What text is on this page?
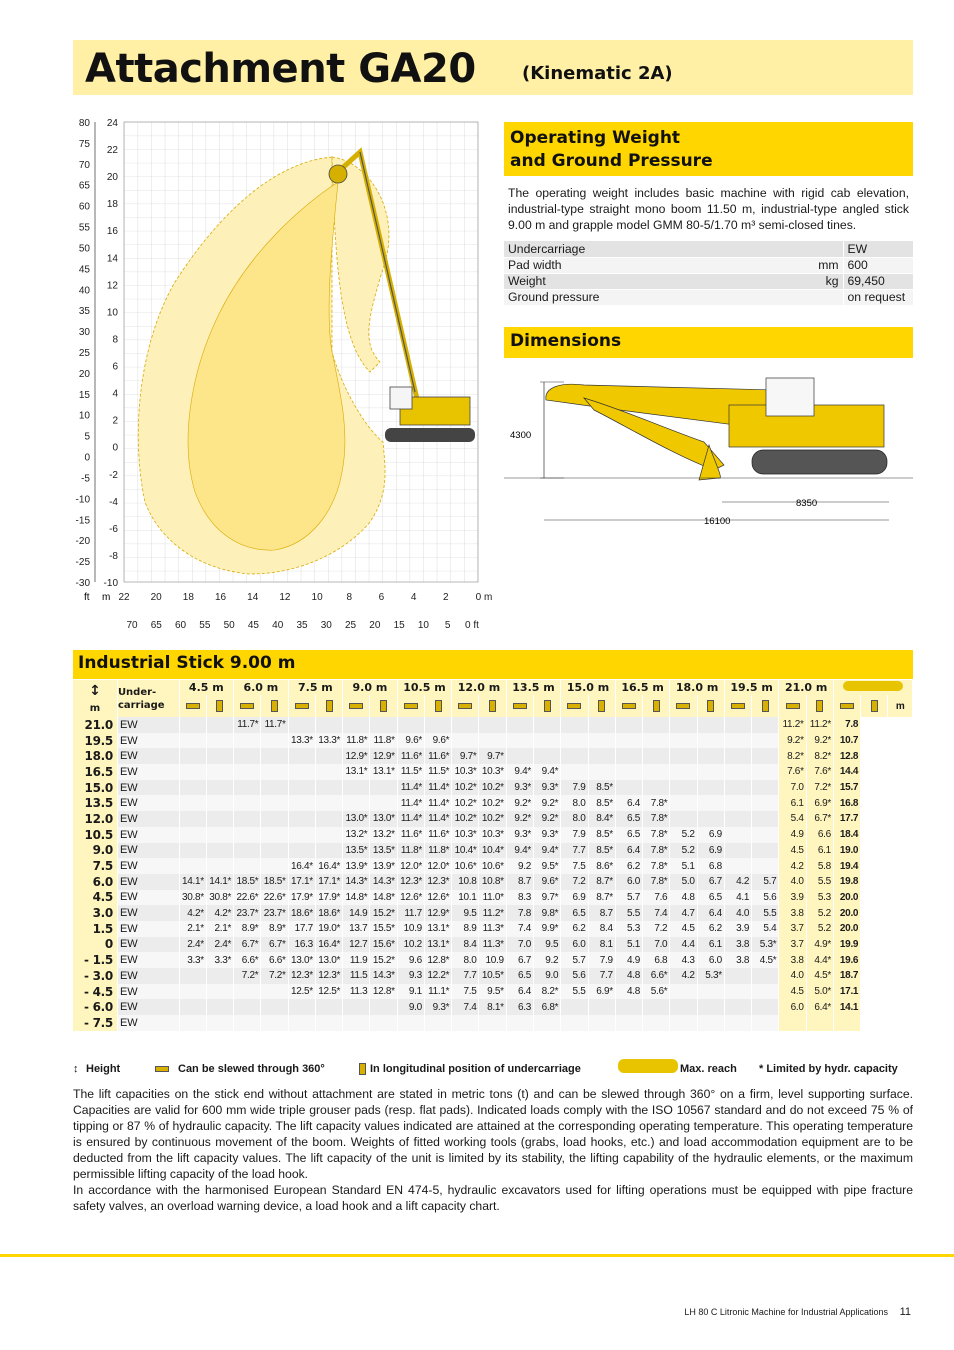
Attachment GA20	(Kinematic 2A)
80
75
70
65
60
55
50
45
40
35
30
25
20
15
10
5
0
-5
-10
-15
-20
-25
-30
24
22
20
18
16
14
12
10
8
6
4
2
0
-2
-4
-6
-8
-10
22 20 18 16 14 12 10 8	6	4	2	0 m
70 65 60 55 50 45 40 35 30 25 20 15 10 5 0 ft
ft m
Operating Weight
and Ground Pressure

The operating weight includes basic machine with rigid cab elevation, industrial-type straight mono boom 11.50 m, industrial-type angled stick 9.00 m and grapple model GMM 80-5/1.70 m³ semi-closed tines.

Undercarriage		EW
Pad width	mm	600
Weight	kg	69,450
Ground pressure		on request
Dimensions
4300
8350
16100
Industrial Stick 9.00 m
↕
m	Under-
carriage	4.5 m		6.0 m		7.5 m		9.0 m		10.5 m		12.0 m		13.5 m		15.0 m		16.5 m		18.0 m		19.5 m		21.0 m				
																												m
21.0	EW			11.7*	11.7*																			11.2*	11.2*	7.8		
19.5	EW					13.3*	13.3*	11.8*	11.8*	9.6*	9.6*													9.2*	9.2*	10.7		
18.0	EW							12.9*	12.9*	11.6*	11.6*	9.7*	9.7*											8.2*	8.2*	12.8		
16.5	EW							13.1*	13.1*	11.5*	11.5*	10.3*	10.3*	9.4*	9.4*									7.6*	7.6*	14.4		
15.0	EW									11.4*	11.4*	10.2*	10.2*	9.3*	9.3*	7.9	8.5*							7.0	7.2*	15.7		
13.5	EW									11.4*	11.4*	10.2*	10.2*	9.2*	9.2*	8.0	8.5*	6.4	7.8*					6.1	6.9*	16.8		
12.0	EW							13.0*	13.0*	11.4*	11.4*	10.2*	10.2*	9.2*	9.2*	8.0	8.4*	6.5	7.8*					5.4	6.7*	17.7		
10.5	EW							13.2*	13.2*	11.6*	11.6*	10.3*	10.3*	9.3*	9.3*	7.9	8.5*	6.5	7.8*	5.2	6.9			4.9	6.6	18.4		
9.0	EW							13.5*	13.5*	11.8*	11.8*	10.4*	10.4*	9.4*	9.4*	7.7	8.5*	6.4	7.8*	5.2	6.9			4.5	6.1	19.0		
7.5	EW					16.4*	16.4*	13.9*	13.9*	12.0*	12.0*	10.6*	10.6*	9.2	9.5*	7.5	8.6*	6.2	7.8*	5.1	6.8			4.2	5.8	19.4		
6.0	EW	14.1*	14.1*	18.5*	18.5*	17.1*	17.1*	14.3*	14.3*	12.3*	12.3*	10.8	10.8*	8.7	9.6*	7.2	8.7*	6.0	7.8*	5.0	6.7	4.2	5.7	4.0	5.5	19.8		
4.5	EW	30.8*	30.8*	22.6*	22.6*	17.9*	17.9*	14.8*	14.8*	12.6*	12.6*	10.1	11.0*	8.3	9.7*	6.9	8.7*	5.7	7.6	4.8	6.5	4.1	5.6	3.9	5.3	20.0		
3.0	EW	4.2*	4.2*	23.7*	23.7*	18.6*	18.6*	14.9	15.2*	11.7	12.9*	9.5	11.2*	7.8	9.8*	6.5	8.7	5.5	7.4	4.7	6.4	4.0	5.5	3.8	5.2	20.0		
1.5	EW	2.1*	2.1*	8.9*	8.9*	17.7	19.0*	13.7	15.5*	10.9	13.1*	8.9	11.3*	7.4	9.9*	6.2	8.4	5.3	7.2	4.5	6.2	3.9	5.4	3.7	5.2	20.0		
0	EW	2.4*	2.4*	6.7*	6.7*	16.3	16.4*	12.7	15.6*	10.2	13.1*	8.4	11.3*	7.0	9.5	6.0	8.1	5.1	7.0	4.4	6.1	3.8	5.3*	3.7	4.9*	19.9		
- 1.5	EW	3.3*	3.3*	6.6*	6.6*	13.0*	13.0*	11.9	15.2*	9.6	12.8*	8.0	10.9	6.7	9.2	5.7	7.9	4.9	6.8	4.3	6.0	3.8	4.5*	3.8	4.4*	19.6		
- 3.0	EW			7.2*	7.2*	12.3*	12.3*	11.5	14.3*	9.3	12.2*	7.7	10.5*	6.5	9.0	5.6	7.7	4.8	6.6*	4.2	5.3*			4.0	4.5*	18.7		
- 4.5	EW					12.5*	12.5*	11.3	12.8*	9.1	11.1*	7.5	9.5*	6.4	8.2*	5.5	6.9*	4.8	5.6*					4.5	5.0*	17.1		
- 6.0	EW									9.0	9.3*	7.4	8.1*	6.3	6.8*									6.0	6.4*	14.1		
- 7.5	EW																											
↕ Height	Can be slewed through 360°	In longitudinal position of undercarriage	Max. reach * Limited by hydr. capacity

The lift capacities on the stick end without attachment are stated in metric tons (t) and can be slewed through 360° on a firm, level supporting surface. Capacities are valid for 600 mm wide triple grouser pads (resp. flat pads). Indicated loads comply with the ISO 10567 standard and do not exceed 75 % of tipping or 87 % of hydraulic capacity. The lift capacity values indicated are attained at the corresponding operating temperature. This operating temperature is ensured by continuous movement of the boom. Weights of fitted working tools (grabs, load hooks, etc.) and load accommodation equipment are to be deducted from the lift capacity values. The lift capacity of the unit is limited by its stability, the lifting capability of the hydraulic elements, or the maximum permissible lifting capacity of the load hook.

In accordance with the harmonised European Standard EN 474-5, hydraulic excavators used for lifting operations must be equipped with pipe fracture safety valves, an overload warning device, a load hook and a lift capacity chart.

LH 80 C Litronic Machine for Industrial Applications 11
